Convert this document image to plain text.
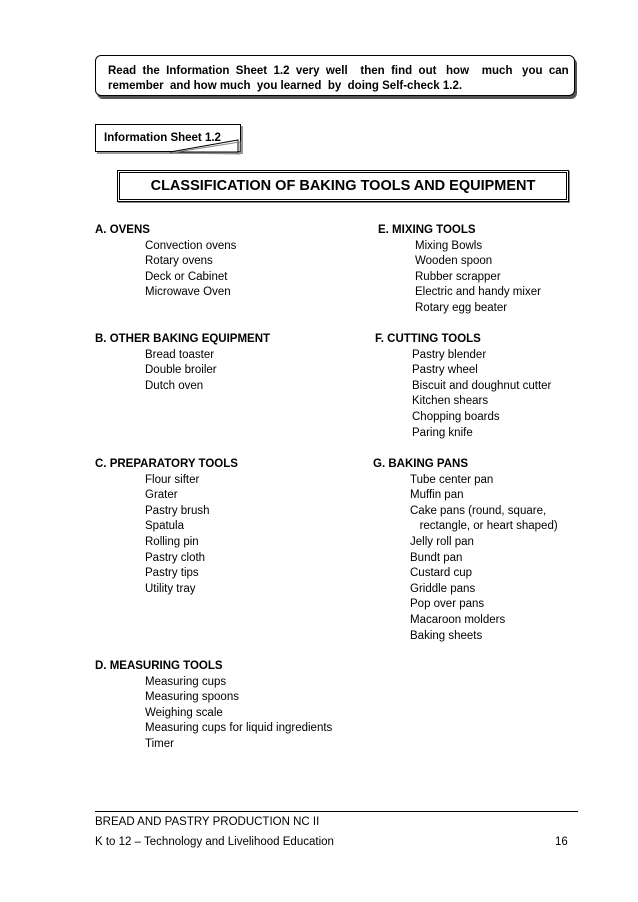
Read  the  Information  Sheet  1.2  very  well    then  find  out   how    much   you  can
remember  and how much  you learned  by  doing Self-check 1.2.
Information Sheet 1.2
CLASSIFICATION OF BAKING TOOLS AND EQUIPMENT
A. OVENS
Convection ovens
Rotary ovens
Deck or Cabinet
Microwave Oven
B. OTHER BAKING EQUIPMENT
Bread toaster
Double broiler
Dutch oven
C. PREPARATORY TOOLS
Flour sifter
Grater
Pastry brush
Spatula
Rolling pin
Pastry cloth
Pastry tips
Utility tray
D. MEASURING TOOLS
Measuring cups
Measuring spoons
Weighing scale
Measuring cups for liquid ingredients
Timer
E. MIXING TOOLS
Mixing Bowls
Wooden spoon
Rubber scrapper
Electric and handy mixer
Rotary egg beater
F. CUTTING TOOLS
Pastry blender
Pastry wheel
Biscuit and doughnut cutter
Kitchen shears
Chopping boards
Paring knife
G. BAKING PANS
Tube center pan
Muffin pan
Cake pans (round, square,
rectangle, or heart shaped)
Jelly roll pan
Bundt pan
Custard cup
Griddle pans
Pop over pans
Macaroon molders
Baking sheets
BREAD AND PASTRY PRODUCTION NC II
K to 12 – Technology and Livelihood Education	16
